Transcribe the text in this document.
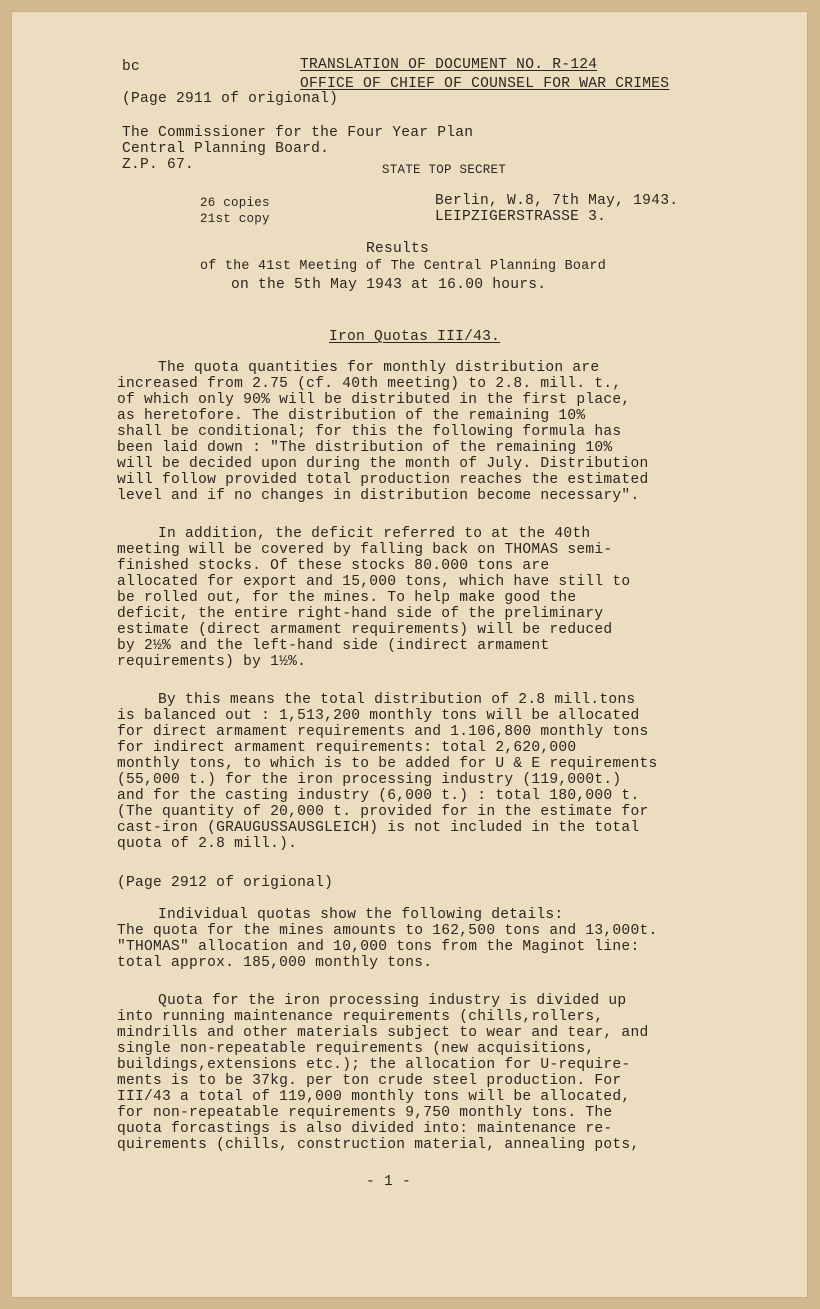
bc	TRANSLATION OF DOCUMENT NO. R-124
OFFICE OF CHIEF OF COUNSEL FOR WAR CRIMES
(Page 2911 of origional)
The Commissioner for the Four Year Plan
Central Planning Board.
Z.P. 67.	STATE TOP SECRET
26 copies
21st copy
Berlin, W.8, 7th May, 1943.
LEIPZIGERSTRASSE 3.
Results
of the 41st Meeting of The Central Planning Board
on the 5th May 1943 at 16.00 hours.
Iron Quotas III/43.
The quota quantities for monthly distribution are
increased from 2.75 (cf. 40th meeting) to 2.8. mill. t.,
of which only 90% will be distributed in the first place,
as heretofore. The distribution of the remaining 10%
shall be conditional; for this the following formula has
been laid down : "The distribution of the remaining 10%
will be decided upon during the month of July. Distribution
will follow provided total production reaches the estimated
level and if no changes in distribution become necessary".
In addition, the deficit referred to at the 40th
meeting will be covered by falling back on THOMAS semi-
finished stocks. Of these stocks 80.000 tons are
allocated for export and 15,000 tons, which have still to
be rolled out, for the mines. To help make good the
deficit, the entire right-hand side of the preliminary
estimate (direct armament requirements) will be reduced
by 2½% and the left-hand side (indirect armament
requirements) by 1½%.
By this means the total distribution of 2.8 mill.tons
is balanced out : 1,513,200 monthly tons will be allocated
for direct armament requirements and 1.106,800 monthly tons
for indirect armament requirements: total 2,620,000
monthly tons, to which is to be added for U & E requirements
(55,000 t.) for the iron processing industry (119,000t.)
and for the casting industry (6,000 t.) : total 180,000 t.
(The quantity of 20,000 t. provided for in the estimate for
cast-iron (GRAUGUSSAUSGLEICH) is not included in the total
quota of 2.8 mill.).
(Page 2912 of origional)
Individual quotas show the following details:
The quota for the mines amounts to 162,500 tons and 13,000t.
"THOMAS" allocation and 10,000 tons from the Maginot line:
total approx. 185,000 monthly tons.
Quota for the iron processing industry is divided up
into running maintenance requirements (chills,rollers,
mindrills and other materials subject to wear and tear, and
single non-repeatable requirements (new acquisitions,
buildings,extensions etc.); the allocation for U-require-
ments is to be 37kg. per ton crude steel production. For
III/43 a total of 119,000 monthly tons will be allocated,
for non-repeatable requirements 9,750 monthly tons. The
quota forcastings is also divided into: maintenance re-
quirements (chills, construction material, annealing pots,
- 1 -
